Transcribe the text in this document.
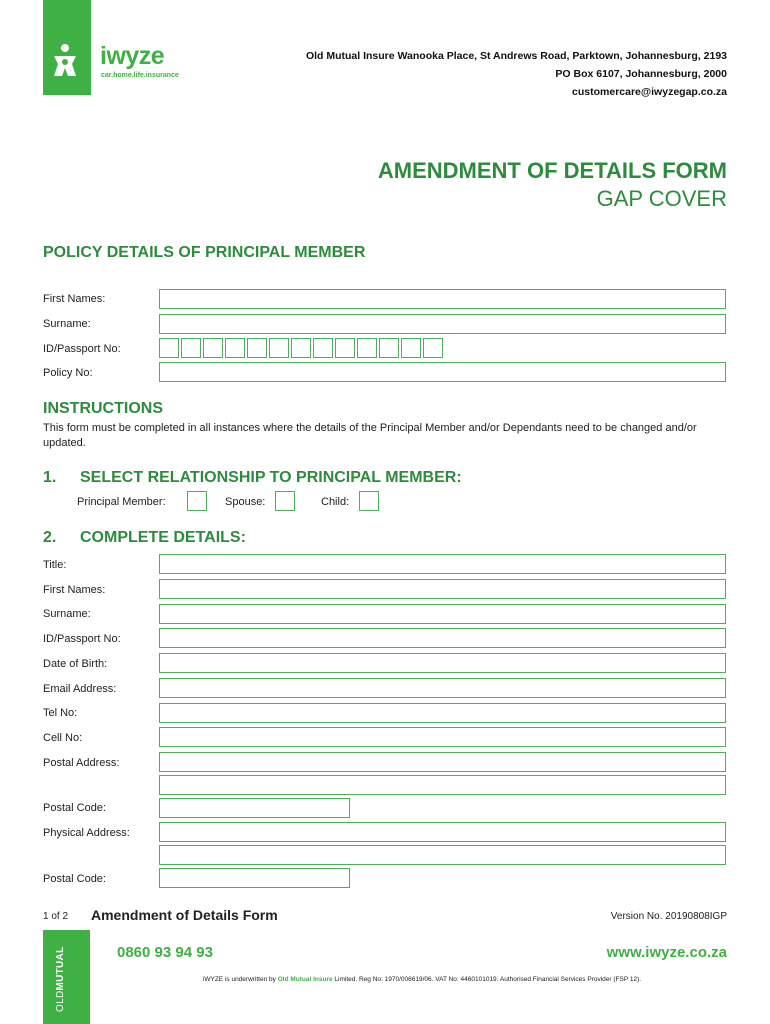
iwyze
car.home.life.insurance
Old Mutual Insure Wanooka Place, St Andrews Road, Parktown, Johannesburg, 2193
PO Box 6107, Johannesburg, 2000
customercare@iwyzegap.co.za
AMENDMENT OF DETAILS FORM
GAP COVER
POLICY DETAILS OF PRINCIPAL MEMBER
First Names:
Surname:
ID/Passport No:
Policy No:
INSTRUCTIONS
This form must be completed in all instances where the details of the Principal Member and/or Dependants need to be changed and/or updated.
1. SELECT RELATIONSHIP TO PRINCIPAL MEMBER:
Principal Member:	Spouse:	Child:
2. COMPLETE DETAILS:
Title:
First Names:
Surname:
ID/Passport No:
Date of Birth:
Email Address:
Tel No:
Cell No:
Postal Address:
Postal Code:
Physical Address:
Postal Code:
1 of 2 Amendment of Details Form	Version No. 20190808IGP
OLDMUTUAL	0860 93 94 93	www.iwyze.co.za
iWYZE is underwritten by Old Mutual Insure Limited. Reg No: 1970/006619/06. VAT No: 4460101019. Authorised Financial Services Provider (FSP 12).
